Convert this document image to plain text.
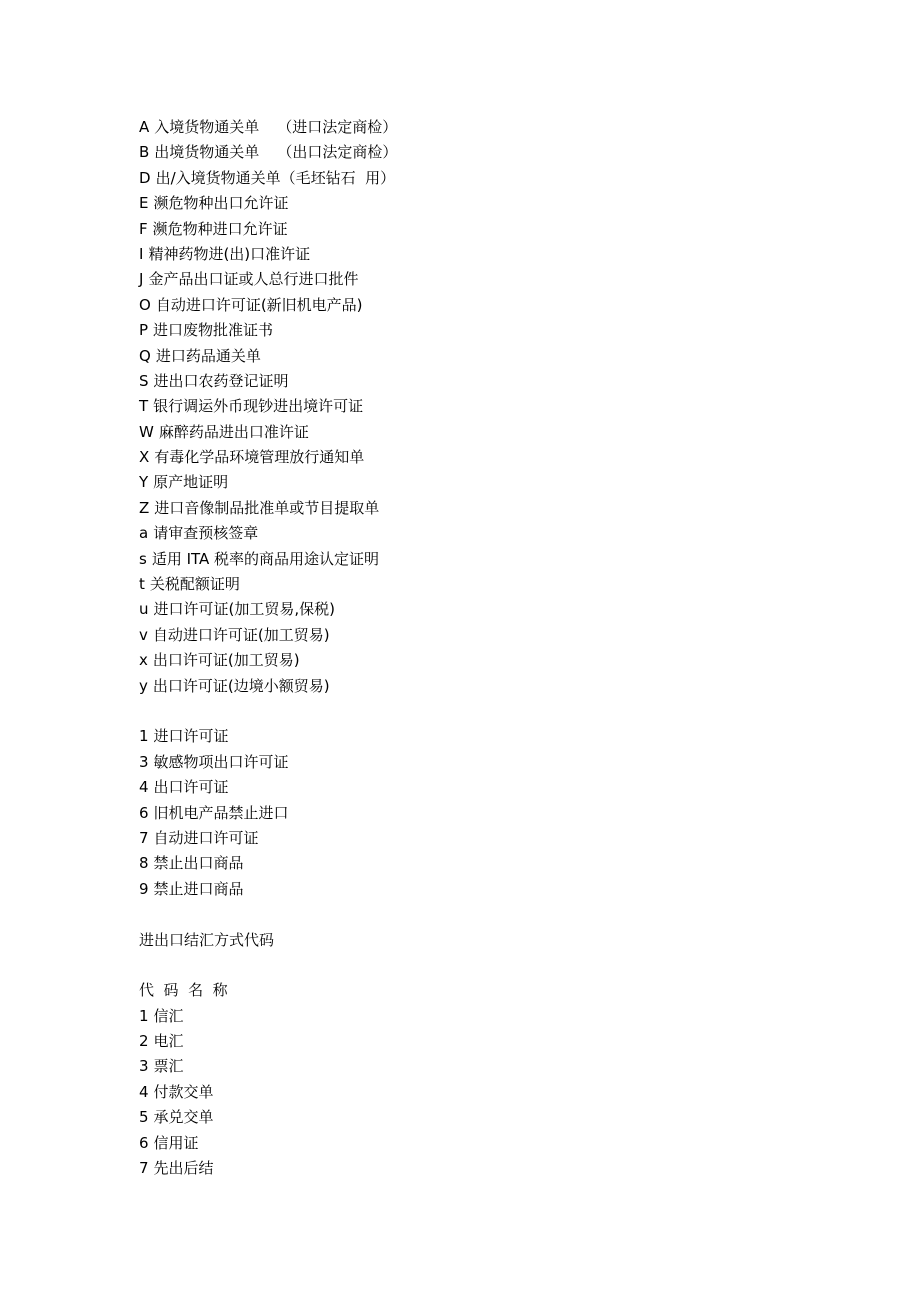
A 入境货物通关单 （进口法定商检）
B 出境货物通关单 （出口法定商检）
D 出/入境货物通关单（毛坯钻石  用）
E 濒危物种出口允许证
F 濒危物种进口允许证
I 精神药物进(出)口准许证
J 金产品出口证或人总行进口批件
O 自动进口许可证(新旧机电产品)
P 进口废物批准证书
Q 进口药品通关单
S 进出口农药登记证明
T 银行调运外币现钞进出境许可证
W 麻醉药品进出口准许证
X 有毒化学品环境管理放行通知单
Y 原产地证明
Z 进口音像制品批准单或节目提取单
a 请审查预核签章
s 适用 ITA 税率的商品用途认定证明
t 关税配额证明
u 进口许可证(加工贸易,保税)
v 自动进口许可证(加工贸易)
x 出口许可证(加工贸易)
y 出口许可证(边境小额贸易)
1 进口许可证
3 敏感物项出口许可证
4 出口许可证
6 旧机电产品禁止进口
7 自动进口许可证
8 禁止出口商品
9 禁止进口商品
进出口结汇方式代码
代  码  名  称
1 信汇
2 电汇
3 票汇
4 付款交单
5 承兑交单
6 信用证
7 先出后结
